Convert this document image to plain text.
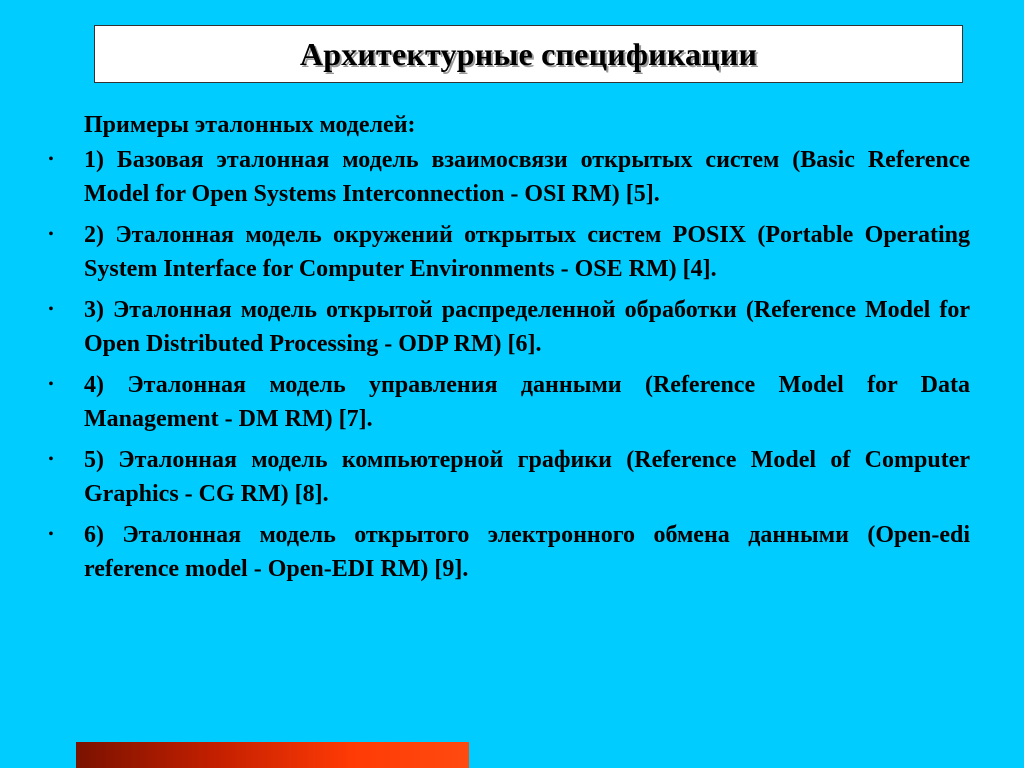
Архитектурные спецификации
Примеры эталонных моделей:
• 1) Базовая эталонная модель взаимосвязи открытых систем (Basic Reference Model for Open Systems Interconnection - OSI RM) [5].
• 2) Эталонная модель окружений открытых систем POSIX (Portable Operating System Interface for Computer Environments - OSE RM) [4].
• 3) Эталонная модель открытой распределенной обработки (Reference Model for Open Distributed Processing - ODP RM) [6].
• 4) Эталонная модель управления данными (Reference Model for Data Management - DM RM) [7].
• 5) Эталонная модель компьютерной графики (Reference Model of Computer Graphics - CG RM) [8].
• 6) Эталонная модель открытого электронного обмена данными (Open-edi reference model - Open-EDI RM) [9].
